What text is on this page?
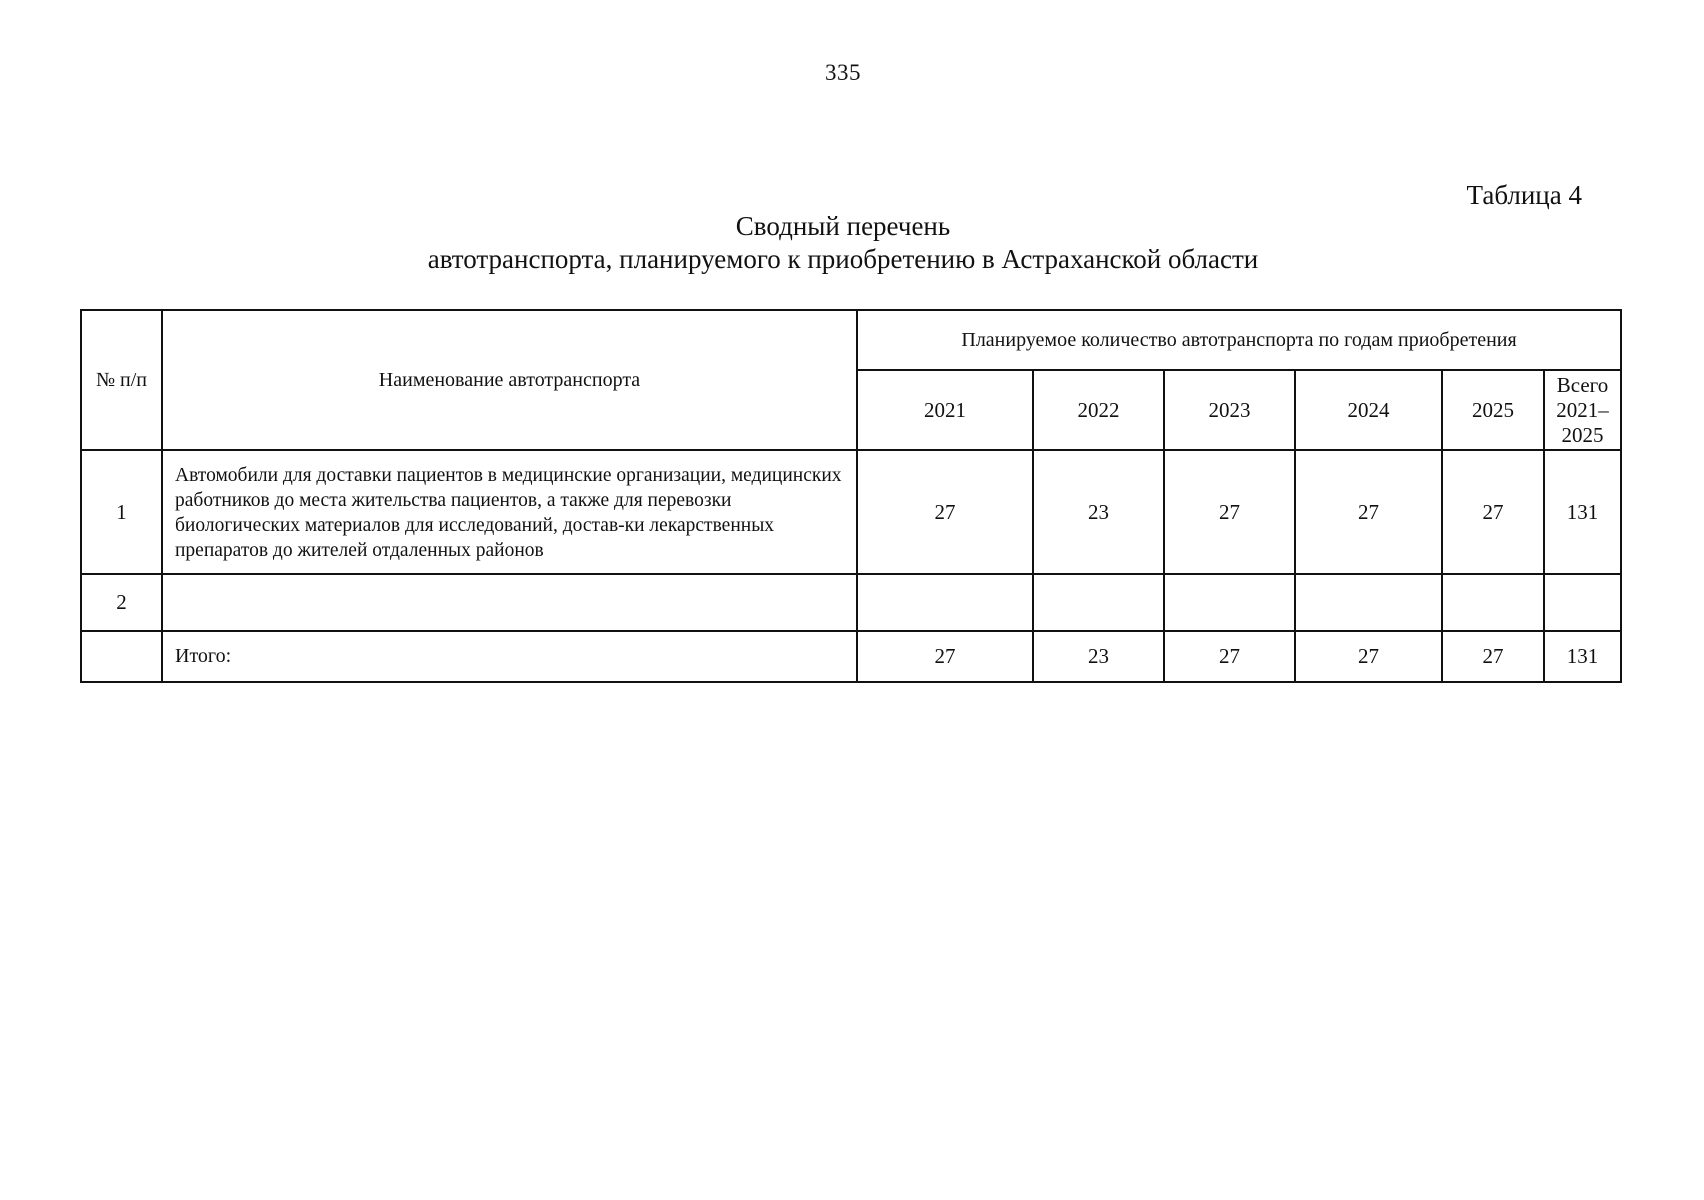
335
Таблица 4
Сводный перечень
автотранспорта, планируемого к приобретению в Астраханской области
№ п/п	Наименование автотранспорта	Планируемое количество автотранспорта по годам приобретения					
		2021	2022	2023	2024	2025	Всего
2021–
2025

1	Автомобили для доставки пациентов в медицинские организации, медицинских работников до места жительства пациентов, а также для перевозки биологических материалов для исследований, достав-ки лекарственных препаратов до жителей отдаленных районов	27	23	27	27	27	131
2							
	Итого:	27	23	27	27	27	131
